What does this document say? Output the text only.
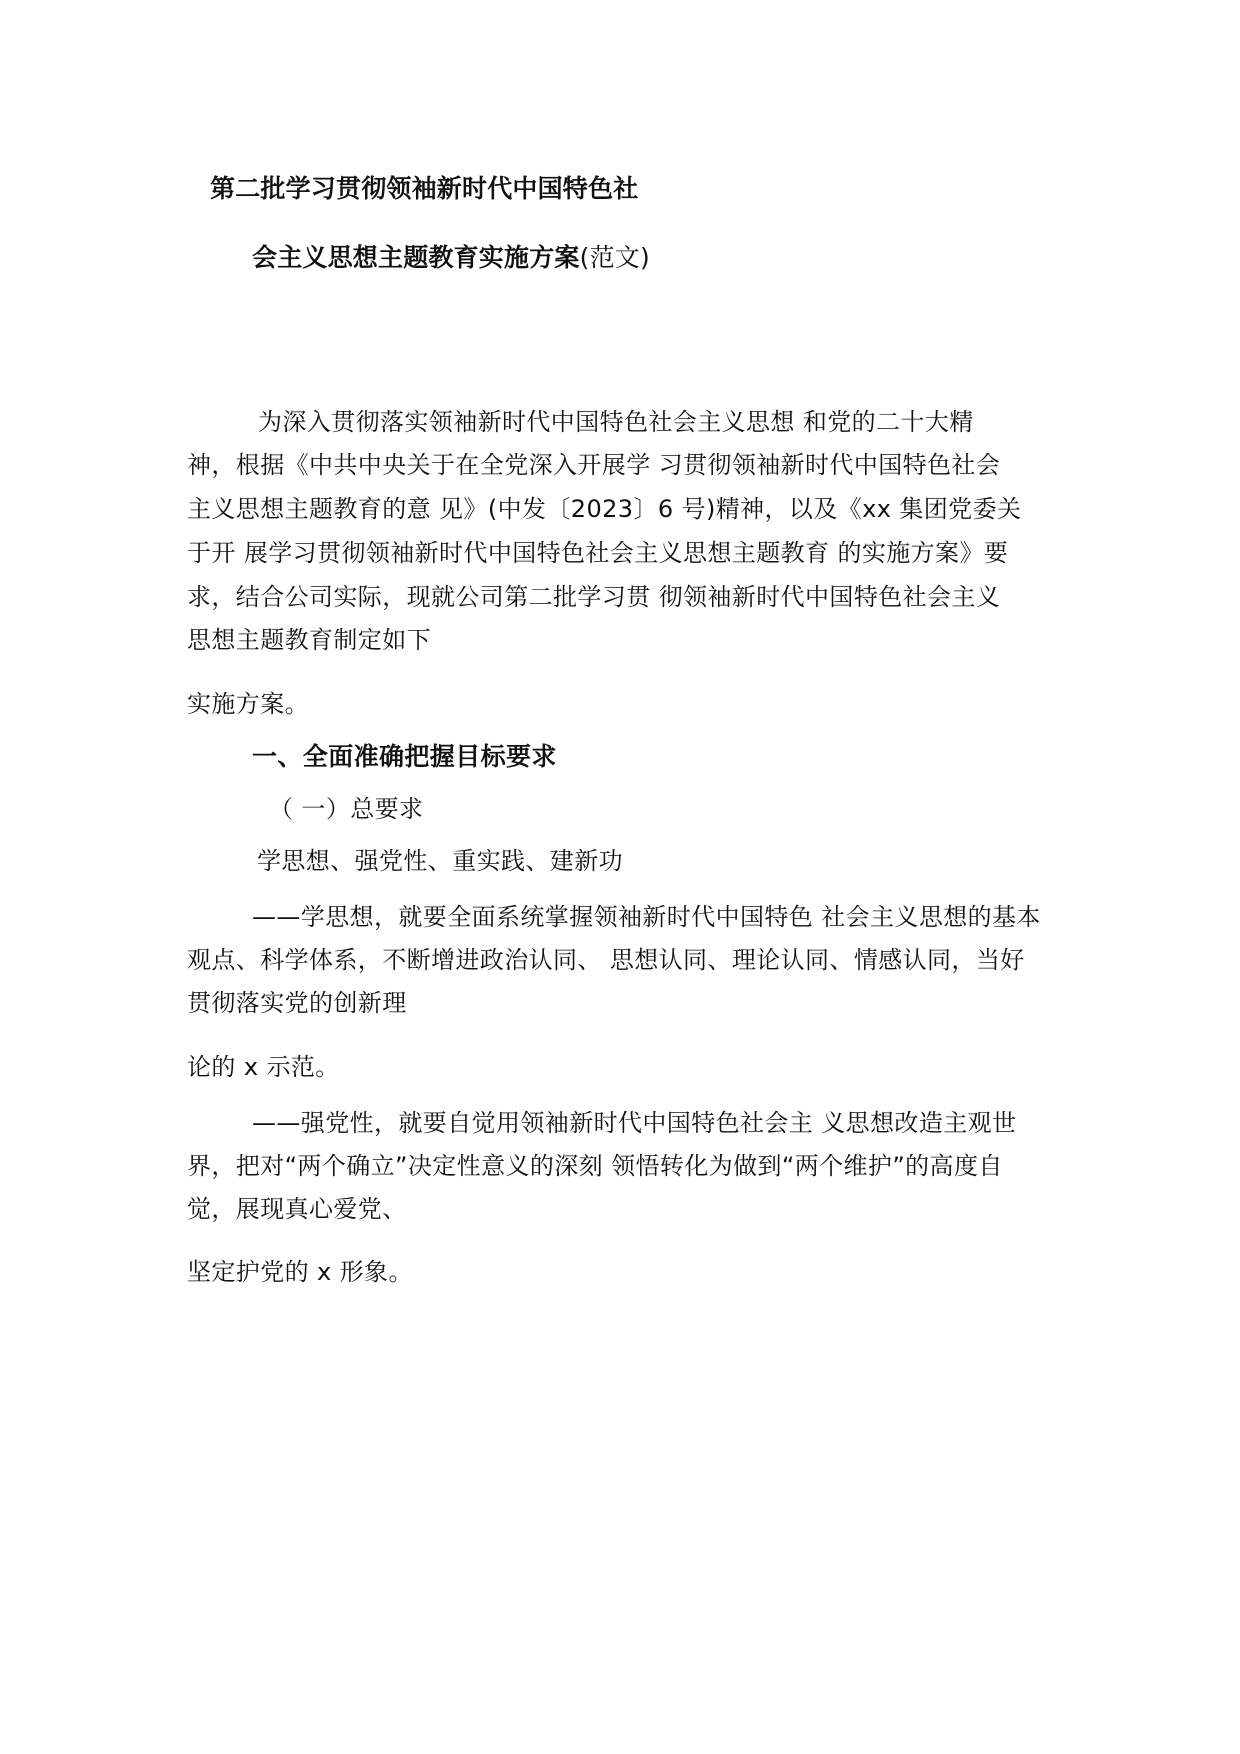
第二批学习贯彻领袖新时代中国特色社
会主义思想主题教育实施方案(范文)
为深入贯彻落实领袖新时代中国特色社会主义思想 和党的二十大精
神，根据《中共中央关于在全党深入开展学 习贯彻领袖新时代中国特色社会
主义思想主题教育的意 见》(中发〔2023〕6 号)精神，以及《xx 集团党委关
于开 展学习贯彻领袖新时代中国特色社会主义思想主题教育 的实施方案》要
求，结合公司实际，现就公司第二批学习贯 彻领袖新时代中国特色社会主义
思想主题教育制定如下
实施方案。
一、全面准确把握目标要求
（ 一）总要求
学思想、强党性、重实践、建新功
——学思想，就要全面系统掌握领袖新时代中国特色 社会主义思想的基本
观点、科学体系，不断增进政治认同、 思想认同、理论认同、情感认同，当好
贯彻落实党的创新理
论的 x 示范。
——强党性，就要自觉用领袖新时代中国特色社会主 义思想改造主观世
界，把对“两个确立”决定性意义的深刻 领悟转化为做到“两个维护”的高度自
觉，展现真心爱党、
坚定护党的 x 形象。
